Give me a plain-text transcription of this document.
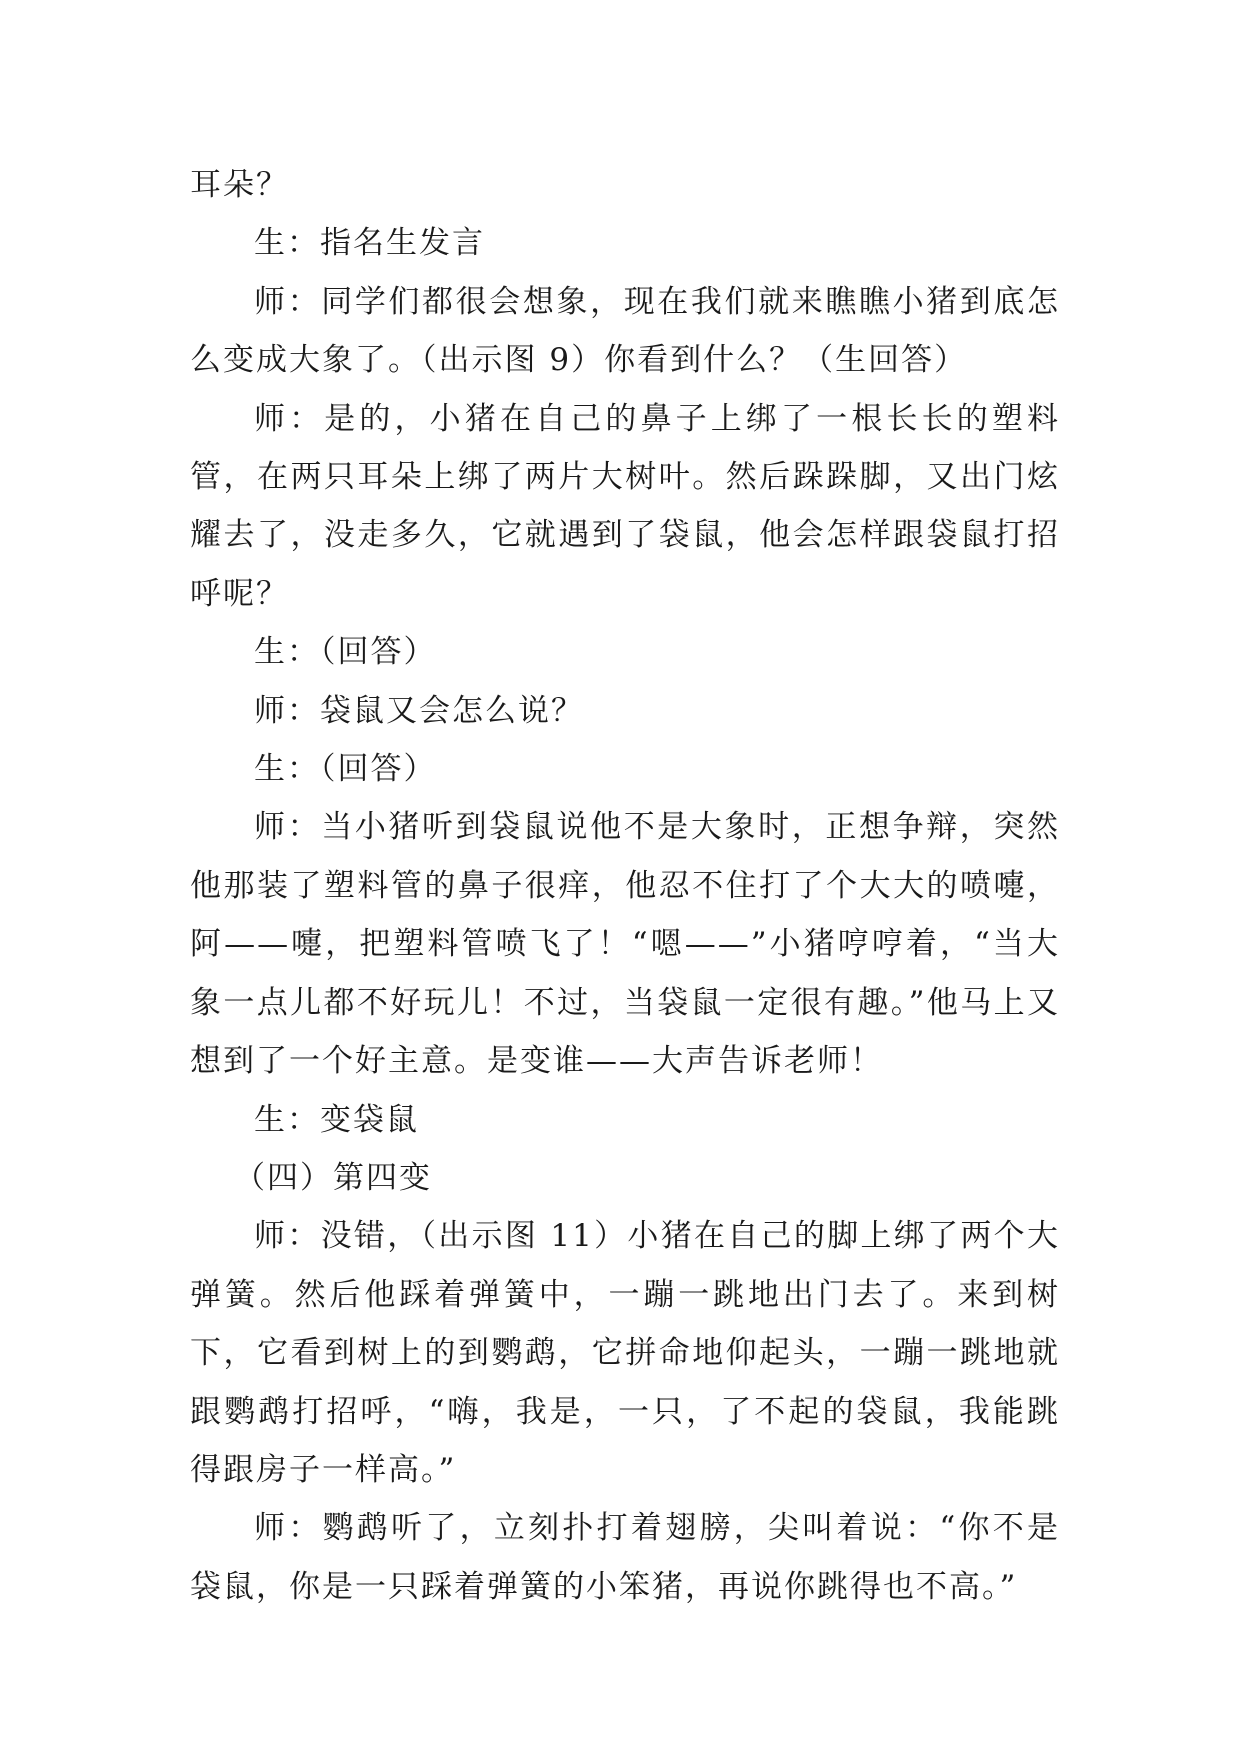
耳朵？

生：指名生发言

师：同学们都很会想象，现在我们就来瞧瞧小猪到底怎么变成大象了。（出示图 9）你看到什么？（生回答）

师：是的，小猪在自己的鼻子上绑了一根长长的塑料管，在两只耳朵上绑了两片大树叶。然后跺跺脚，又出门炫耀去了，没走多久，它就遇到了袋鼠，他会怎样跟袋鼠打招呼呢？

生：（回答）

师：袋鼠又会怎么说？

生：（回答）

师：当小猪听到袋鼠说他不是大象时，正想争辩，突然他那装了塑料管的鼻子很痒，他忍不住打了个大大的喷嚏，阿——嚏，把塑料管喷飞了！“嗯——”小猪哼哼着，“当大象一点儿都不好玩儿！不过，当袋鼠一定很有趣。”他马上又想到了一个好主意。是变谁——大声告诉老师！

生：变袋鼠

（四）第四变

师：没错，（出示图 11）小猪在自己的脚上绑了两个大弹簧。然后他踩着弹簧中，一蹦一跳地出门去了。来到树下，它看到树上的到鹦鹉，它拼命地仰起头，一蹦一跳地就跟鹦鹉打招呼，“嗨，我是，一只，了不起的袋鼠，我能跳得跟房子一样高。”

师：鹦鹉听了，立刻扑打着翅膀，尖叫着说：“你不是袋鼠，你是一只踩着弹簧的小笨猪，再说你跳得也不高。”
